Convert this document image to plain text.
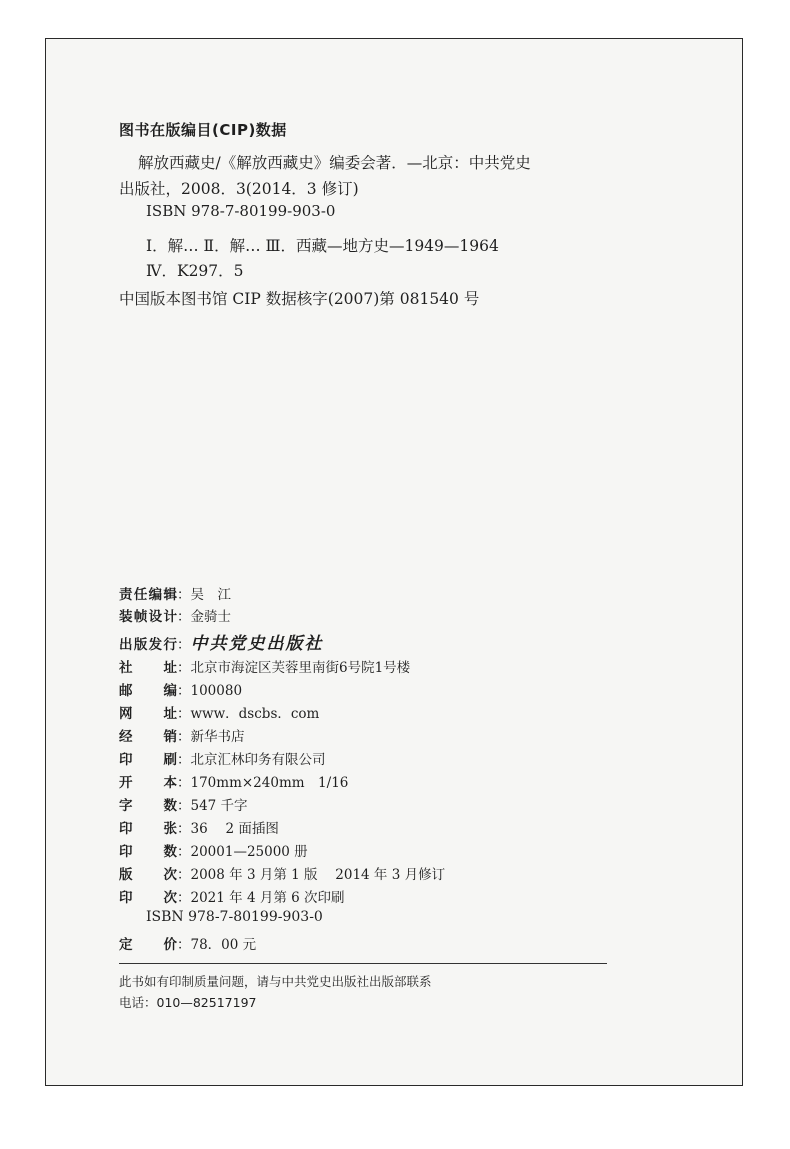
图书在版编目(CIP)数据
解放西藏史/《解放西藏史》编委会著．—北京：中共党史
出版社，2008．3(2014．3 修订)
ISBN 978-7-80199-903-0
Ⅰ．解… Ⅱ．解… Ⅲ．西藏—地方史—1949—1964
Ⅳ．K297．5
中国版本图书馆 CIP 数据核字(2007)第 081540 号
责任编辑：吴　江
装帧设计：金骑士
出版发行：中共党史出版社
社址：北京市海淀区芙蓉里南街6号院1号楼
邮编：100080
网址：www．dscbs．com
经销：新华书店
印刷：北京汇林印务有限公司
开本：170mm×240mm　1/16
字数：547 千字
印张：36　 2 面插图
印数：20001—25000 册
版次：2008 年 3 月第 1 版　 2014 年 3 月修订
印次：2021 年 4 月第 6 次印刷
定价：78．00 元
ISBN 978-7-80199-903-0
此书如有印制质量问题，请与中共党史出版社出版部联系
电话：010—82517197
